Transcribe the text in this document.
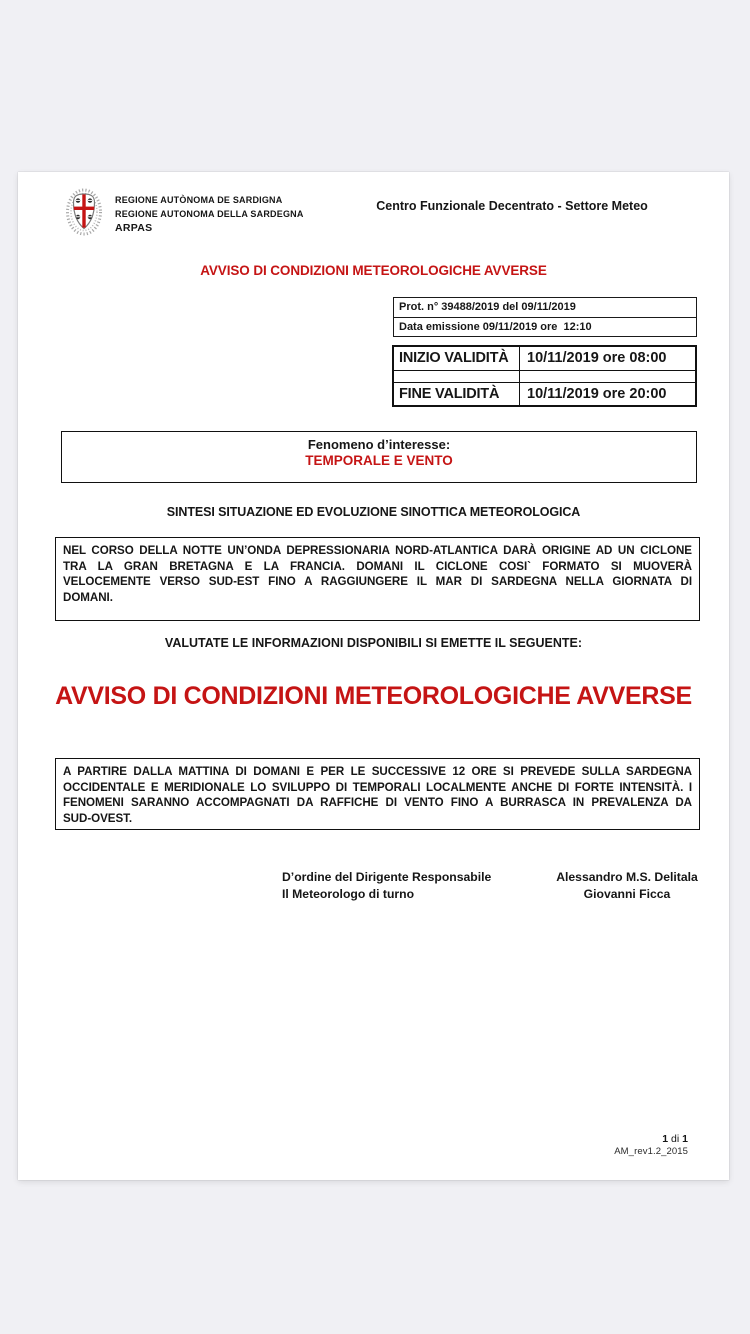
REGIONE AUTÒNOMA DE SARDIGNA
REGIONE AUTONOMA DELLA SARDEGNA
ARPAS
Centro Funzionale Decentrato - Settore Meteo
AVVISO DI CONDIZIONI METEOROLOGICHE AVVERSE
Prot. n° 39488/2019 del 09/11/2019
Data emissione 09/11/2019 ore  12:10
INIZIO VALIDITÀ	10/11/2019 ore 08:00
FINE VALIDITÀ	10/11/2019 ore 20:00
Fenomeno d’interesse:
TEMPORALE E VENTO
SINTESI SITUAZIONE ED EVOLUZIONE SINOTTICA METEOROLOGICA
NEL CORSO DELLA NOTTE UN’ONDA DEPRESSIONARIA NORD-ATLANTICA DARÀ ORIGINE AD UN CICLONE TRA LA GRAN BRETAGNA E LA FRANCIA. DOMANI IL CICLONE COSI` FORMATO SI MUOVERÀ VELOCEMENTE VERSO SUD-EST FINO A RAGGIUNGERE IL MAR DI SARDEGNA NELLA GIORNATA DI DOMANI.
VALUTATE LE INFORMAZIONI DISPONIBILI SI EMETTE IL SEGUENTE:
AVVISO DI CONDIZIONI METEOROLOGICHE AVVERSE
A PARTIRE DALLA MATTINA DI DOMANI E PER LE SUCCESSIVE 12 ORE SI PREVEDE SULLA SARDEGNA OCCIDENTALE E MERIDIONALE LO SVILUPPO DI TEMPORALI LOCALMENTE ANCHE DI FORTE INTENSITÀ. I FENOMENI SARANNO ACCOMPAGNATI DA RAFFICHE DI VENTO FINO A BURRASCA IN PREVALENZA DA SUD-OVEST.
D’ordine del Dirigente Responsabile
Il Meteorologo di turno
Alessandro M.S. Delitala
Giovanni Ficca
1 di 1
AM_rev1.2_2015
